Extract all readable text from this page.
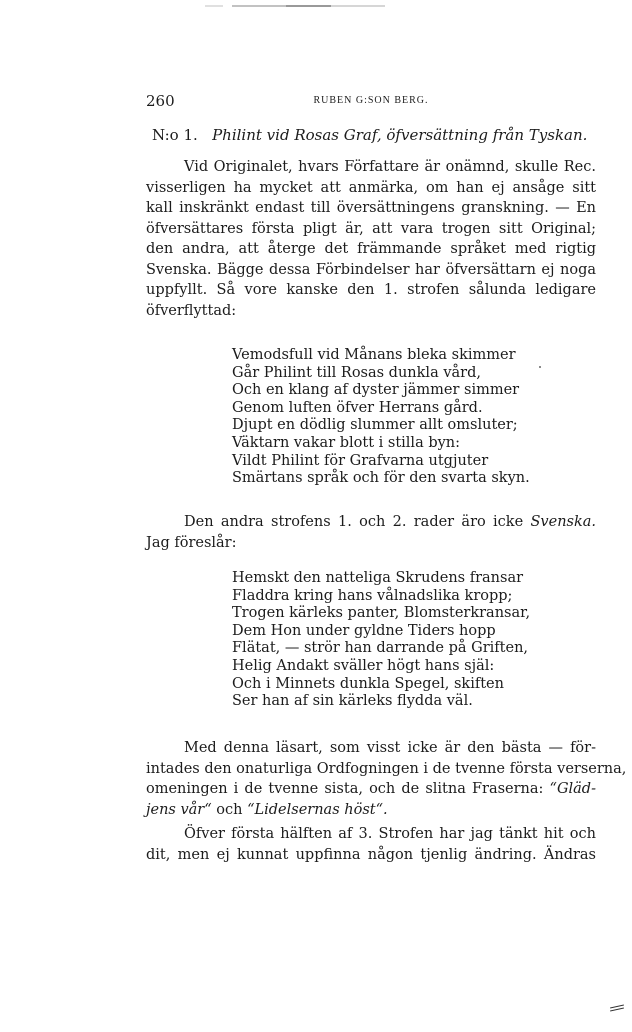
260	RUBEN G:SON BERG.
N:o 1. Philint vid Rosas Graf, öfversättning från Tyskan.
Vid Originalet, hvars Författare är onämnd, skulle Rec.
visserligen ha mycket att anmärka, om han ej ansåge sitt
kall inskränkt endast till översättningens granskning. — En
öfversättares första pligt är, att vara trogen sitt Original;
den andra, att återge det främmande språket med rigtig
Svenska. Bägge dessa Förbindelser har öfversättarn ej noga
uppfyllt. Så vore kanske den 1. strofen sålunda ledigare
öfverflyttad:
Vemodsfull vid Månans bleka skimmer
Går Philint till Rosas dunkla vård,
Och en klang af dyster jämmer simmer
Genom luften öfver Herrans gård.
Djupt en dödlig slummer allt omsluter;
Väktarn vakar blott i stilla byn:
Vildt Philint för Grafvarna utgjuter
Smärtans språk och för den svarta skyn.
Den andra strofens 1. och 2. rader äro icke Svenska.
Jag föreslår:
Hemskt den natteliga Skrudens fransar
Fladdra kring hans vålnadslika kropp;
Trogen kärleks panter, Blomsterkransar,
Dem Hon under gyldne Tiders hopp
Flätat, — strör han darrande på Griften,
Helig Andakt sväller högt hans själ:
Och i Minnets dunkla Spegel, skiften
Ser han af sin kärleks flydda väl.
Med denna läsart, som visst icke är den bästa — för-
intades den onaturliga Ordfogningen i de tvenne första verserna,
omeningen i de tvenne sista, och de slitna Fraserna: “Gläd-
jens vår“ och “Lidelsernas höst“.
Öfver första hälften af 3. Strofen har jag tänkt hit och
dit, men ej kunnat uppfinna någon tjenlig ändring. Ändras
